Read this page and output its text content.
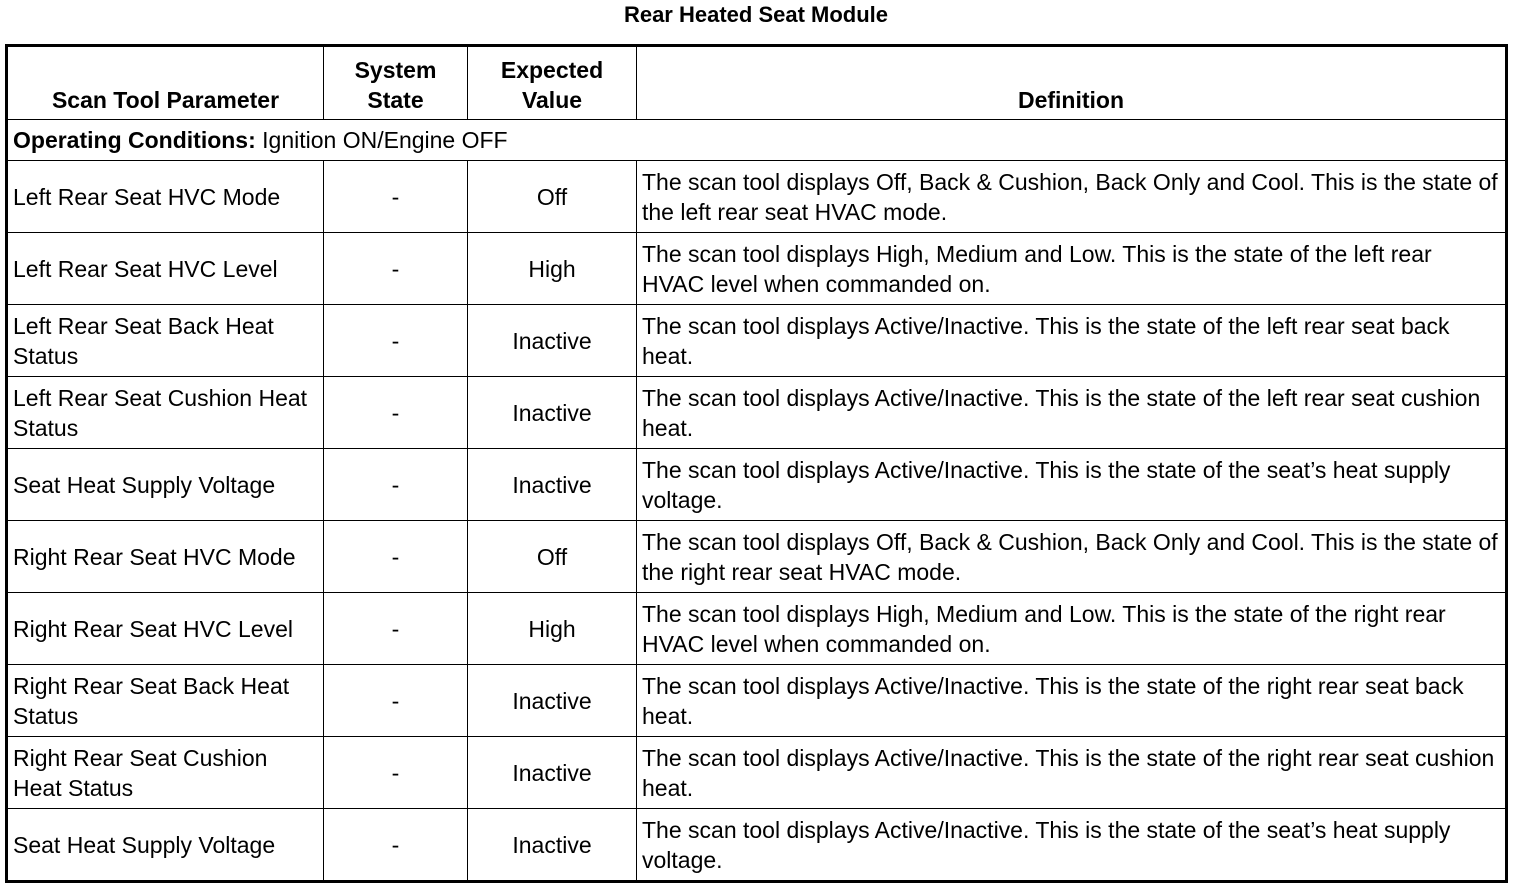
Rear Heated Seat Module
Scan Tool Parameter	System State	Expected Value	Definition
Operating Conditions: Ignition ON/Engine OFF			
Left Rear Seat HVC Mode	-	Off	The scan tool displays Off, Back & Cushion, Back Only and Cool. This is the state of the left rear seat HVAC mode.
Left Rear Seat HVC Level	-	High	The scan tool displays High, Medium and Low. This is the state of the left rear HVAC level when commanded on.
Left Rear Seat Back Heat Status	-	Inactive	The scan tool displays Active/Inactive. This is the state of the left rear seat back heat.
Left Rear Seat Cushion Heat Status	-	Inactive	The scan tool displays Active/Inactive. This is the state of the left rear seat cushion heat.
Seat Heat Supply Voltage	-	Inactive	The scan tool displays Active/Inactive. This is the state of the seat’s heat supply voltage.
Right Rear Seat HVC Mode	-	Off	The scan tool displays Off, Back & Cushion, Back Only and Cool. This is the state of the right rear seat HVAC mode.
Right Rear Seat HVC Level	-	High	The scan tool displays High, Medium and Low. This is the state of the right rear HVAC level when commanded on.
Right Rear Seat Back Heat Status	-	Inactive	The scan tool displays Active/Inactive. This is the state of the right rear seat back heat.
Right Rear Seat Cushion Heat Status	-	Inactive	The scan tool displays Active/Inactive. This is the state of the right rear seat cushion heat.
Seat Heat Supply Voltage	-	Inactive	The scan tool displays Active/Inactive. This is the state of the seat’s heat supply voltage.
